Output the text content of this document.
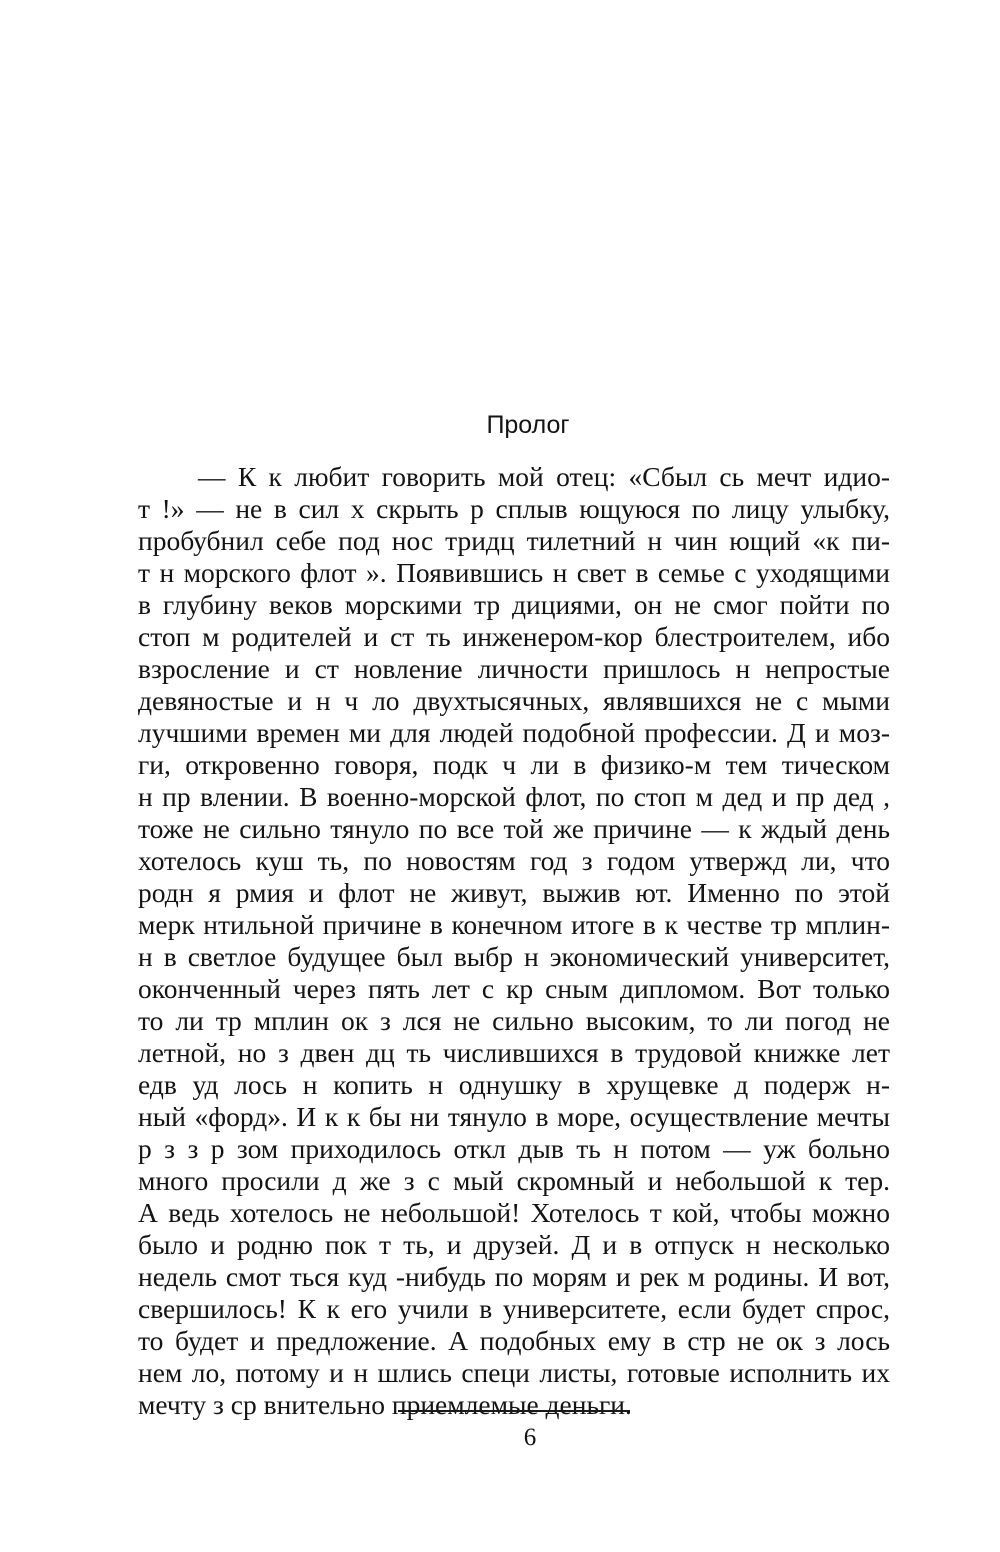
Пролог
— К к любит говорить мой отец: «Сбыл сь мечт идио-
т !» — не в сил х скрыть р сплыв ющуюся по лицу улыбку,
пробубнил себе под нос тридц тилетний н чин ющий «к пи-
т н морского флот ». Появившись н свет в семье с уходящими
в глубину веков морскими тр дициями, он не смог пойти по
стоп м родителей и ст ть инженером-кор блестроителем, ибо
взросление и ст новление личности пришлось н непростые
девяностые и н ч ло двухтысячных, являвшихся не с мыми
лучшими времен ми для людей подобной профессии. Д и моз-
ги, откровенно говоря, подк ч ли в физико-м тем тическом
н пр влении. В военно-морской флот, по стоп м дед и пр дед ,
тоже не сильно тянуло по все той же причине — к ждый день
хотелось куш ть, по новостям год з годом утвержд ли, что
родн я рмия и флот не живут, выжив ют. Именно по этой
мерк нтильной причине в конечном итоге в к честве тр мплин-
н в светлое будущее был выбр н экономический университет,
оконченный через пять лет с кр сным дипломом. Вот только
то ли тр мплин ок з лся не сильно высоким, то ли погод не
летной, но з двен дц ть числившихся в трудовой книжке лет
едв уд лось н копить н однушку в хрущевке д подерж н-
ный «форд». И к к бы ни тянуло в море, осуществление мечты
р з з р зом приходилось откл дыв ть н потом — уж больно
много просили д же з с мый скромный и небольшой к тер.
А ведь хотелось не небольшой! Хотелось т кой, чтобы можно
было и родню пок т ть, и друзей. Д и в отпуск н несколько
недель смот ться куд -нибудь по морям и рек м родины. И вот,
свершилось! К к его учили в университете, если будет спрос,
то будет и предложение. А подобных ему в стр не ок з лось
нем ло, потому и н шлись специ листы, готовые исполнить их
мечту з ср внительно приемлемые деньги.
6
